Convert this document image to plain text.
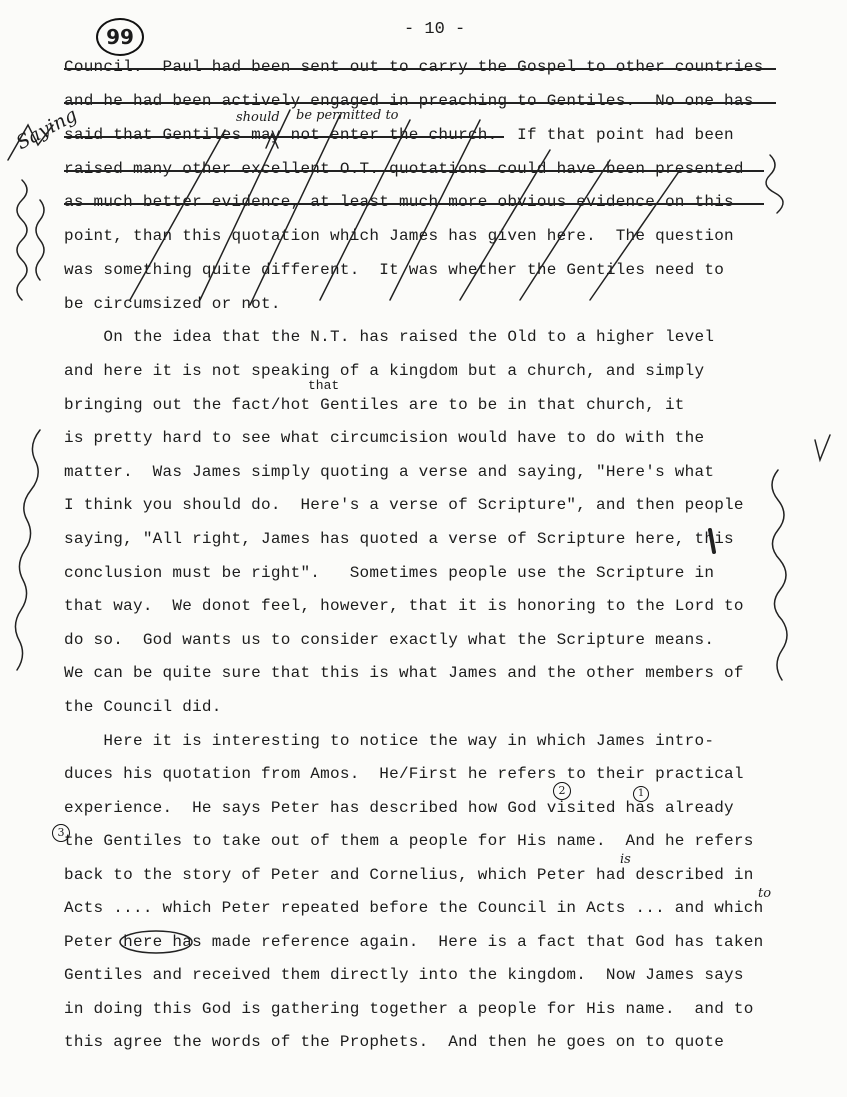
99	- 10 -
Council.  Paul had been sent out to carry the Gospel to other countries
and he had been actively engaged in preaching to Gentiles.  No one has
said that Gentiles may not enter the church.  If that point had been
raised many other excellent O.T. quotations could have been presented
as much better evidence, at least much more obvious evidence on this
point, than this quotation which James has given here.  The question
was something quite different.  It was whether the Gentiles need to
be circumsized or not.
On the idea that the N.T. has raised the Old to a higher level
and here it is not speaking of a kingdom but a church, and simply
bringing out the fact/hot Gentiles are to be in that church, it
is pretty hard to see what circumcision would have to do with the
matter.  Was James simply quoting a verse and saying, "Here's what
I think you should do.  Here's a verse of Scripture", and then people
saying, "All right, James has quoted a verse of Scripture here, this
conclusion must be right".   Sometimes people use the Scripture in
that way.  We donot feel, however, that it is honoring to the Lord to
do so.  God wants us to consider exactly what the Scripture means.
We can be quite sure that this is what James and the other members of
the Council did.
Here it is interesting to notice the way in which James intro-
duces his quotation from Amos.  He/First he refers to their practical
experience.  He says Peter has described how God visited has already
the Gentiles to take out of them a people for His name.  And he refers
back to the story of Peter and Cornelius, which Peter had described in
Acts .... which Peter repeated before the Council in Acts ... and which
Peter here has made reference again.  Here is a fact that God has taken
Gentiles and received them directly into the kingdom.  Now James says
in doing this God is gathering together a people for His name.  and to
this agree the words of the Prophets.  And then he goes on to quote
Saying	should be permitted to
that
is
to
2	1
3
